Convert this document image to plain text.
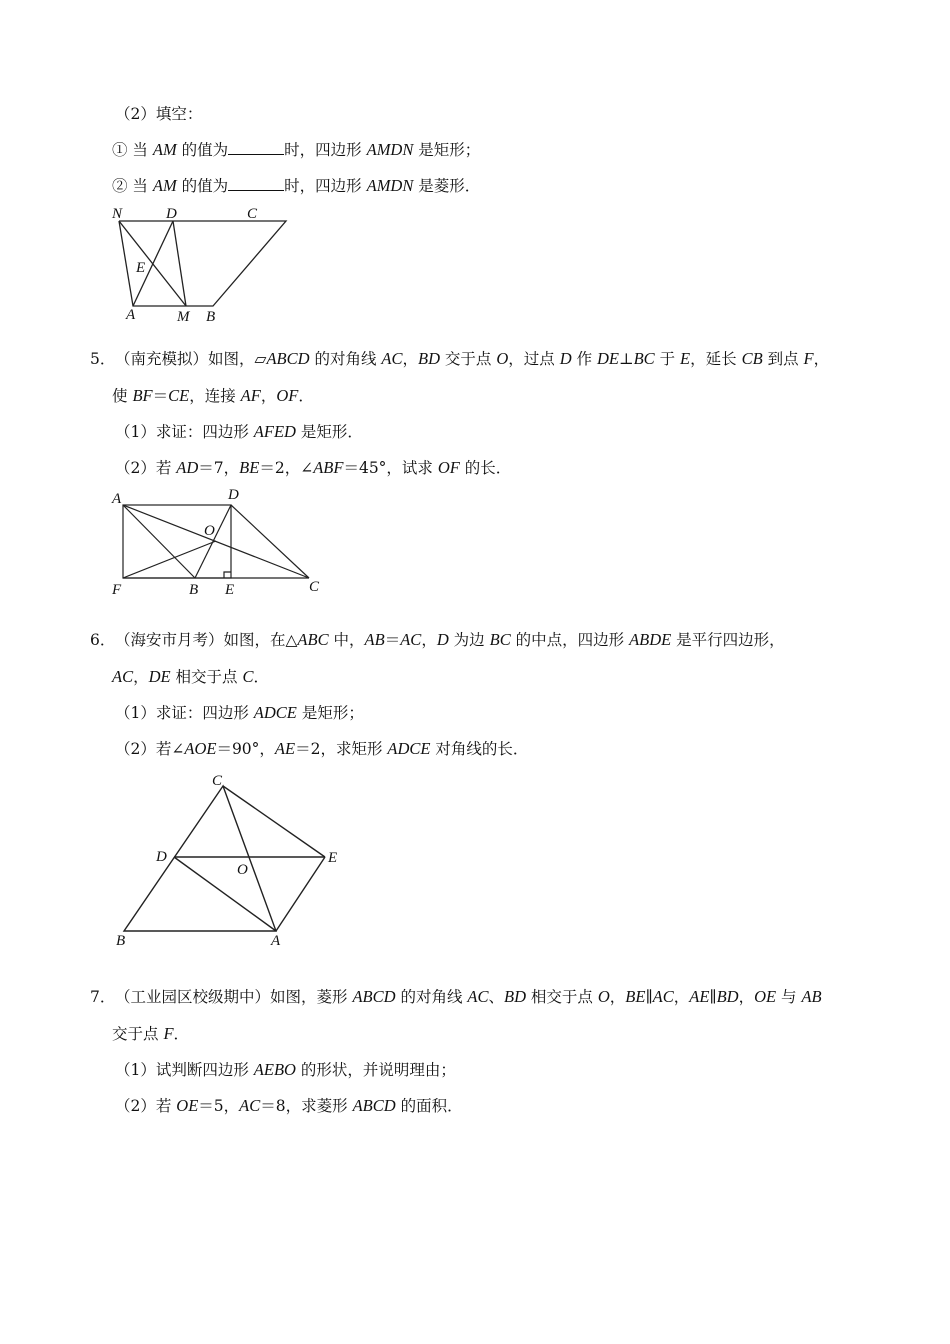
（2）填空：
① 当 AM 的值为	时，四边形 AMDN 是矩形；
② 当 AM 的值为	时，四边形 AMDN 是菱形．
N	D	C
E
A	M B
5． （南充模拟）如图，▱ABCD 的对角线 AC，BD 交于点 O，过点 D 作 DE⊥BC 于 E，延长 CB 到点 F，
使 BF＝CE，连接 AF，OF．
（1）求证：四边形 AFED 是矩形．
（2）若 AD＝7，BE＝2，∠ABF＝45°，试求 OF 的长．
A	D
O
F	B E	C
6． （海安市月考）如图，在△ABC 中，AB＝AC，D 为边 BC 的中点，四边形 ABDE 是平行四边形，
AC，DE 相交于点 C．
（1）求证：四边形 ADCE 是矩形；
（2）若∠AOE＝90°，AE＝2，求矩形 ADCE 对角线的长．
C
D
O
E
B	A
7． （工业园区校级期中）如图，菱形 ABCD 的对角线 AC、BD 相交于点 O，BE∥AC，AE∥BD，OE 与 AB
交于点 F．
（1）试判断四边形 AEBO 的形状，并说明理由；
（2）若 OE＝5，AC＝8，求菱形 ABCD 的面积．
